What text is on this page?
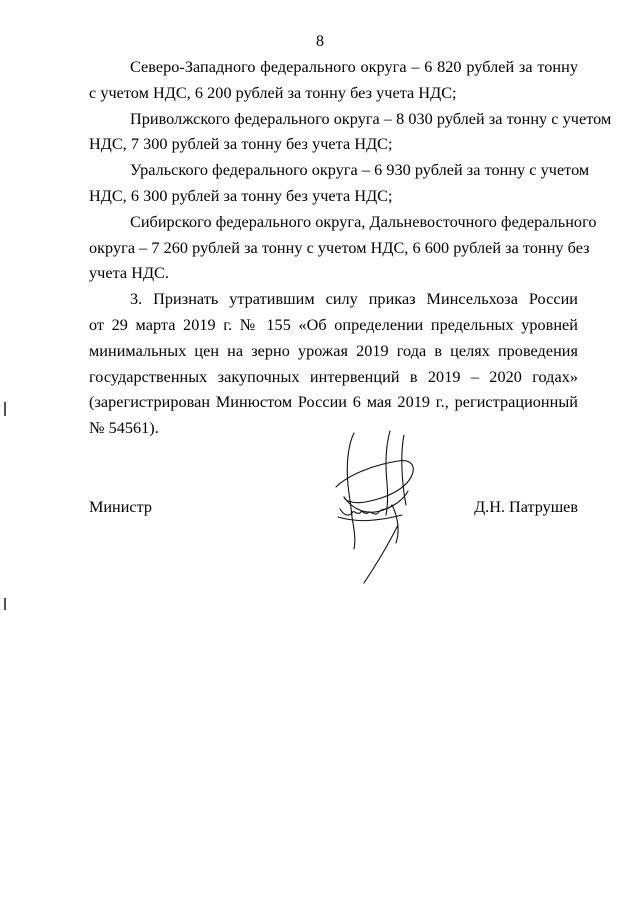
8
Северо-Западного федерального округа – 6 820 рублей за тонну
с учетом НДС, 6 200 рублей за тонну без учета НДС;
Приволжского федерального округа – 8 030 рублей за тонну с учетом
НДС, 7 300 рублей за тонну без учета НДС;
Уральского федерального округа – 6 930 рублей за тонну с учетом
НДС, 6 300 рублей за тонну без учета НДС;
Сибирского федерального округа, Дальневосточного федерального
округа – 7 260 рублей за тонну с учетом НДС, 6 600 рублей за тонну без
учета НДС.
3. Признать утратившим силу приказ Минсельхоза России
от 29 марта 2019 г. № 155 «Об определении предельных уровней
минимальных цен на зерно урожая 2019 года в целях проведения
государственных закупочных интервенций в 2019 – 2020 годах»
(зарегистрирован Минюстом России 6 мая 2019 г., регистрационный
№ 54561).
Министр	Д.Н. Патрушев
